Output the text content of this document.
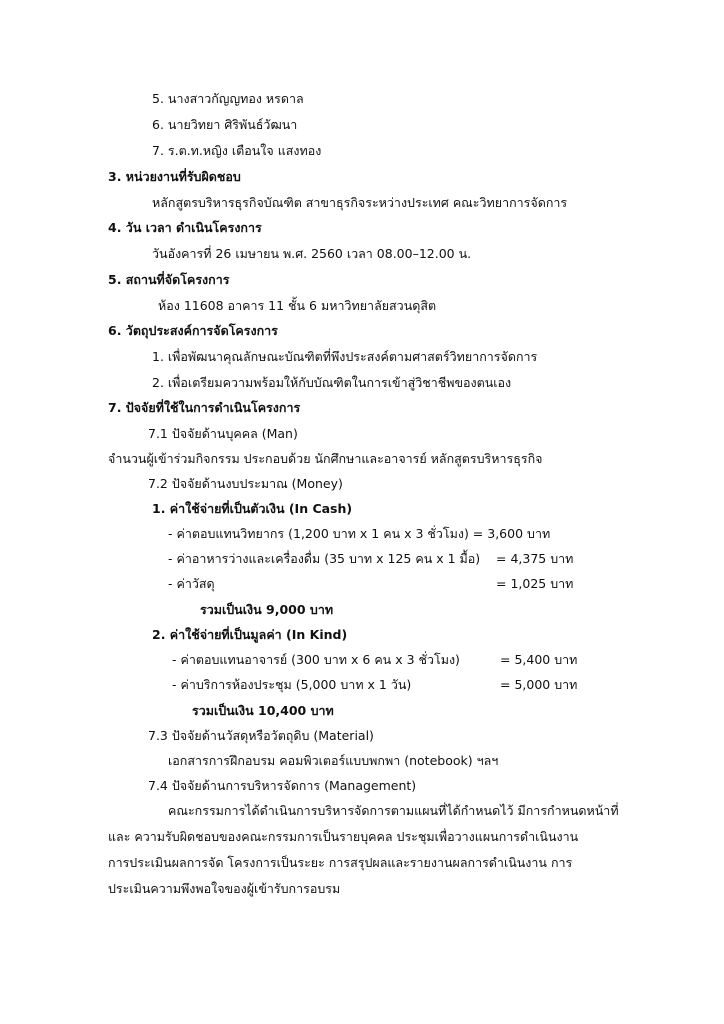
5. นางสาวกัญญทอง หรดาล
6. นายวิทยา ศิริพันธ์วัฒนา
7. ร.ต.ท.หญิง เตือนใจ แสงทอง
3. หน่วยงานที่รับผิดชอบ
หลักสูตรบริหารธุรกิจบัณฑิต สาขาธุรกิจระหว่างประเทศ คณะวิทยาการจัดการ
4. วัน เวลา ดำเนินโครงการ
วันอังคารที่ 26 เมษายน พ.ศ. 2560 เวลา 08.00–12.00 น.
5. สถานที่จัดโครงการ
ห้อง 11608 อาคาร 11 ชั้น 6 มหาวิทยาลัยสวนดุสิต
6. วัตถุประสงค์การจัดโครงการ
1. เพื่อพัฒนาคุณลักษณะบัณฑิตที่พึงประสงค์ตามศาสตร์วิทยาการจัดการ
2. เพื่อเตรียมความพร้อมให้กับบัณฑิตในการเข้าสู่วิชาชีพของตนเอง
7. ปัจจัยที่ใช้ในการดำเนินโครงการ
7.1 ปัจจัยด้านบุคคล (Man)
จำนวนผู้เข้าร่วมกิจกรรม ประกอบด้วย นักศึกษาและอาจารย์ หลักสูตรบริหารธุรกิจ
7.2 ปัจจัยด้านงบประมาณ (Money)
1. ค่าใช้จ่ายที่เป็นตัวเงิน (In Cash)
- ค่าตอบแทนวิทยากร (1,200 บาท x 1 คน x 3 ชั่วโมง) = 3,600 บาท
- ค่าอาหารว่างและเครื่องดื่ม (35 บาท x 125 คน x 1 มื้อ) = 4,375 บาท
- ค่าวัสดุ	= 1,025 บาท
รวมเป็นเงิน 9,000 บาท
2. ค่าใช้จ่ายที่เป็นมูลค่า (In Kind)
- ค่าตอบแทนอาจารย์ (300 บาท x 6 คน x 3 ชั่วโมง)	= 5,400 บาท
- ค่าบริการห้องประชุม (5,000 บาท x 1 วัน)	= 5,000 บาท
รวมเป็นเงิน 10,400 บาท
7.3 ปัจจัยด้านวัสดุหรือวัตถุดิบ (Material)
เอกสารการฝึกอบรม คอมพิวเตอร์แบบพกพา (notebook) ฯลฯ
7.4 ปัจจัยด้านการบริหารจัดการ (Management)
คณะกรรมการได้ดำเนินการบริหารจัดการตามแผนที่ได้กำหนดไว้ มีการกำหนดหน้าที่
และ ความรับผิดชอบของคณะกรรมการเป็นรายบุคคล ประชุมเพื่อวางแผนการดำเนินงาน
การประเมินผลการจัด โครงการเป็นระยะ การสรุปผลและรายงานผลการดำเนินงาน การ
ประเมินความพึงพอใจของผู้เข้ารับการอบรม
